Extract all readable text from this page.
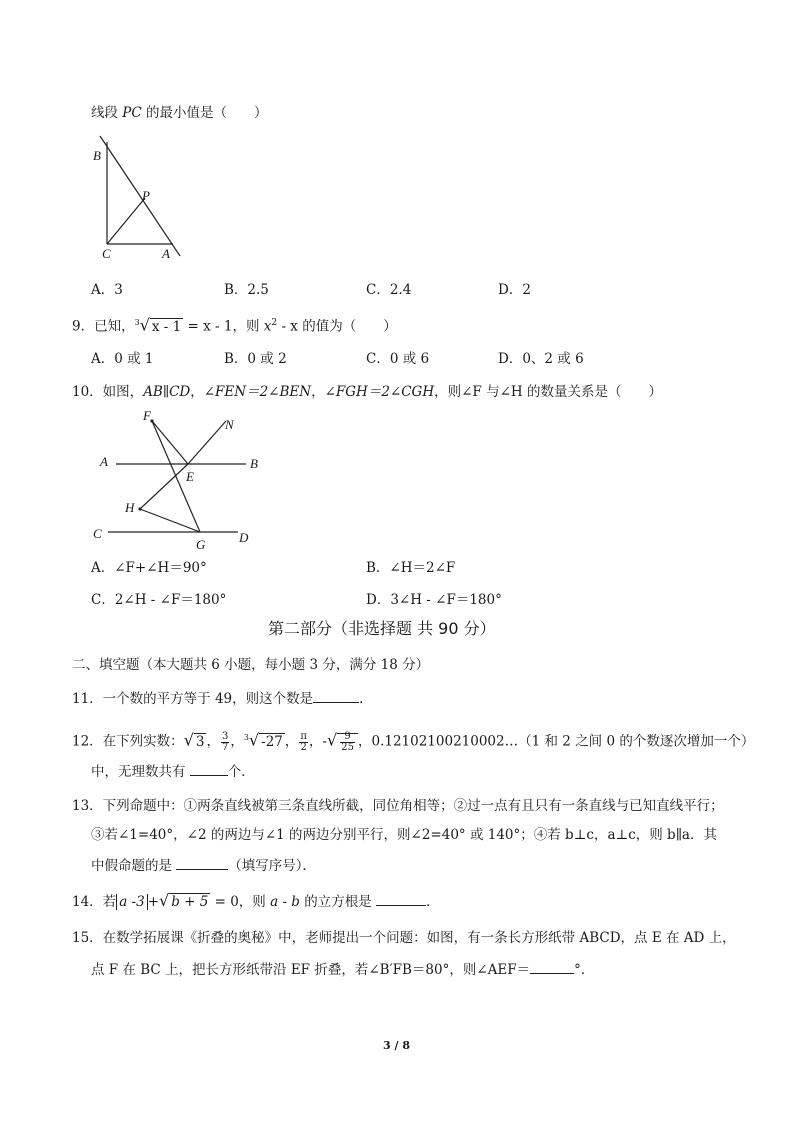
线段 PC 的最小值是（　　）
B
P
C	A
A．3	B．2.5	C．2.4	D．2
9．已知，$^3$√ x - 1 = x - 1，则 $x^2$ - x 的值为（　　）
A．0 或 1	B．0 或 2	C．0 或 6	D．0、2 或 6
10．如图，AB∥CD，∠FEN＝2∠BEN，∠FGH＝2∠CGH，则∠F 与∠H 的数量关系是（　　）
F
N
A	B
E
H
C
G	D
A．∠F+∠H＝90°	B．∠H＝2∠F
C．2∠H - ∠F＝180°	D．3∠H - ∠F＝180°
第二部分（非选择题 共 90 分）
二、填空题（本大题共 6 小题，每小题 3 分，满分 18 分）
11．一个数的平方等于 49，则这个数是	．
12．在下列实数：√ 3 ， $\frac{3}{7}$ ，$^3$√ -27 ， $\frac{\pi}{2}$ ，-√ $\frac{9}{25}$ ，0.12102100210002…（1 和 2 之间 0 的个数逐次增加一个）
中，无理数共有	个．
13．下列命题中：①两条直线被第三条直线所截，同位角相等；②过一点有且只有一条直线与已知直线平行；
③若∠1=40°，∠2 的两边与∠1 的两边分别平行，则∠2=40° 或 140°；④若 b⊥c，a⊥c，则 b∥a．其
中假命题的是	（填写序号）．
14．若 a -3 +√ b + 5 = 0，则 a - b 的立方根是	．
15．在数学拓展课《折叠的奥秘》中，老师提出一个问题：如图，有一条长方形纸带 ABCD，点 E 在 AD 上，
点 F 在 BC 上，把长方形纸带沿 EF 折叠，若∠B′FB＝80°，则∠AEF＝	°．
3 / 8
